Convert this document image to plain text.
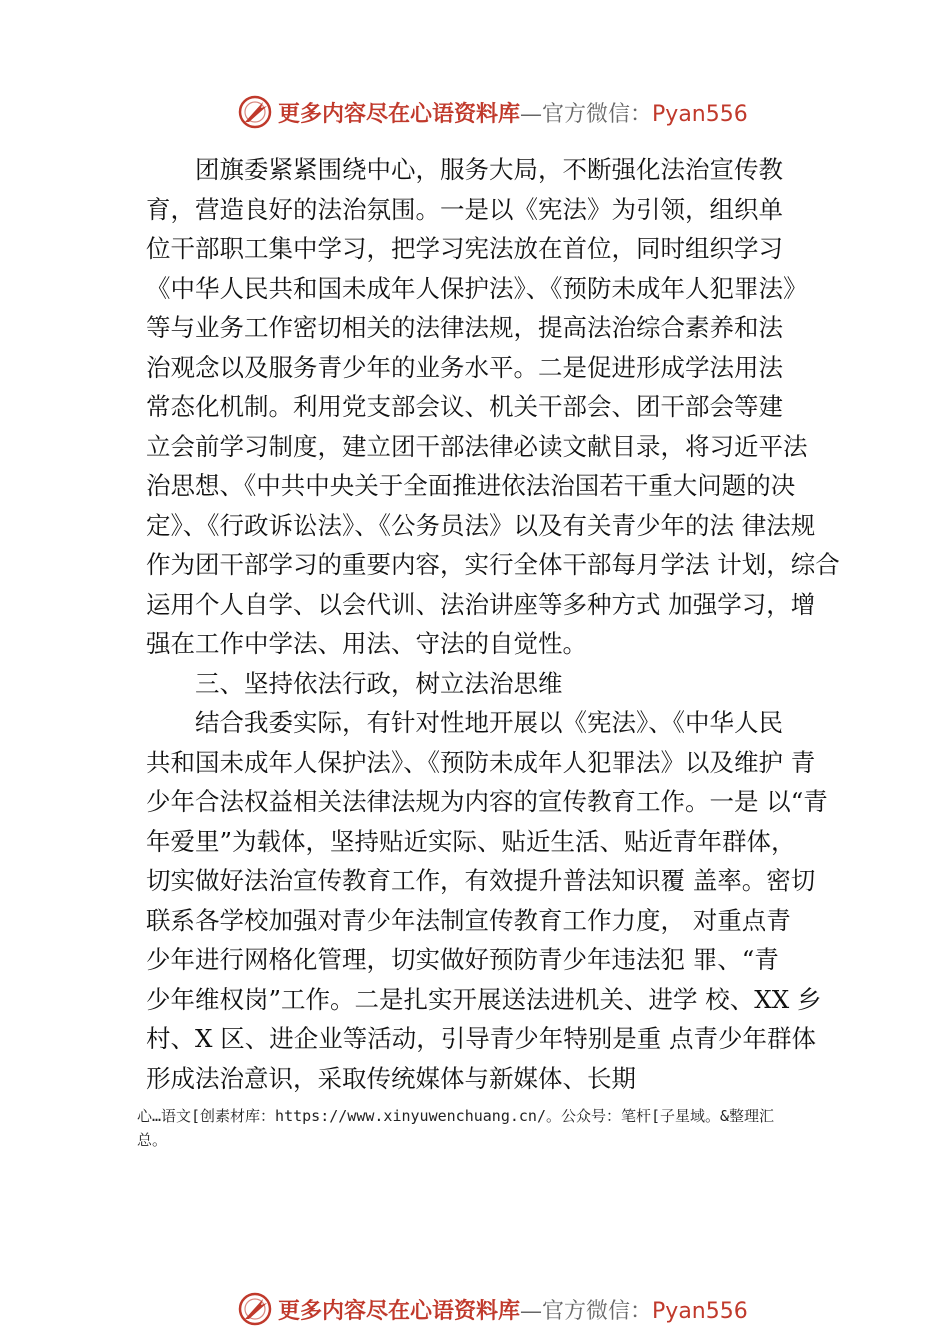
更多内容尽在心语资料库—官方微信：Pyan556
团旗委紧紧围绕中心，服务大局，不断强化法治宣传教
育，营造良好的法治氛围。一是以《宪法》为引领，组织单
位干部职工集中学习，把学习宪法放在首位，同时组织学习
《中华人民共和国未成年人保护法》、《预防未成年人犯罪法》
等与业务工作密切相关的法律法规，提高法治综合素养和法
治观念以及服务青少年的业务水平。二是促进形成学法用法
常态化机制。利用党支部会议、机关干部会、团干部会等建
立会前学习制度，建立团干部法律必读文献目录，将习近平法
治思想、《中共中央关于全面推进依法治国若干重大问题的决
定》、《行政诉讼法》、《公务员法》以及有关青少年的法 律法规
作为团干部学习的重要内容，实行全体干部每月学法 计划，综合
运用个人自学、以会代训、法治讲座等多种方式 加强学习，增
强在工作中学法、用法、守法的自觉性。
三、坚持依法行政，树立法治思维
结合我委实际，有针对性地开展以《宪法》、《中华人民
共和国未成年人保护法》、《预防未成年人犯罪法》以及维护 青
少年合法权益相关法律法规为内容的宣传教育工作。一是 以“青
年爱里”为载体，坚持贴近实际、贴近生活、贴近青年群体，
切实做好法治宣传教育工作，有效提升普法知识覆 盖率。密切
联系各学校加强对青少年法制宣传教育工作力度， 对重点青
少年进行网格化管理，切实做好预防青少年违法犯 罪、“青
少年维权岗”工作。二是扎实开展送法进机关、进学 校、XX 乡
村、X 区、进企业等活动，引导青少年特别是重 点青少年群体
形成法治意识，采取传统媒体与新媒体、长期
心…语文[创素材库：https://www.xinyuwenchuang.cn/。公众号：笔杆[子星域。&整理汇
总。
更多内容尽在心语资料库—官方微信：Pyan556
